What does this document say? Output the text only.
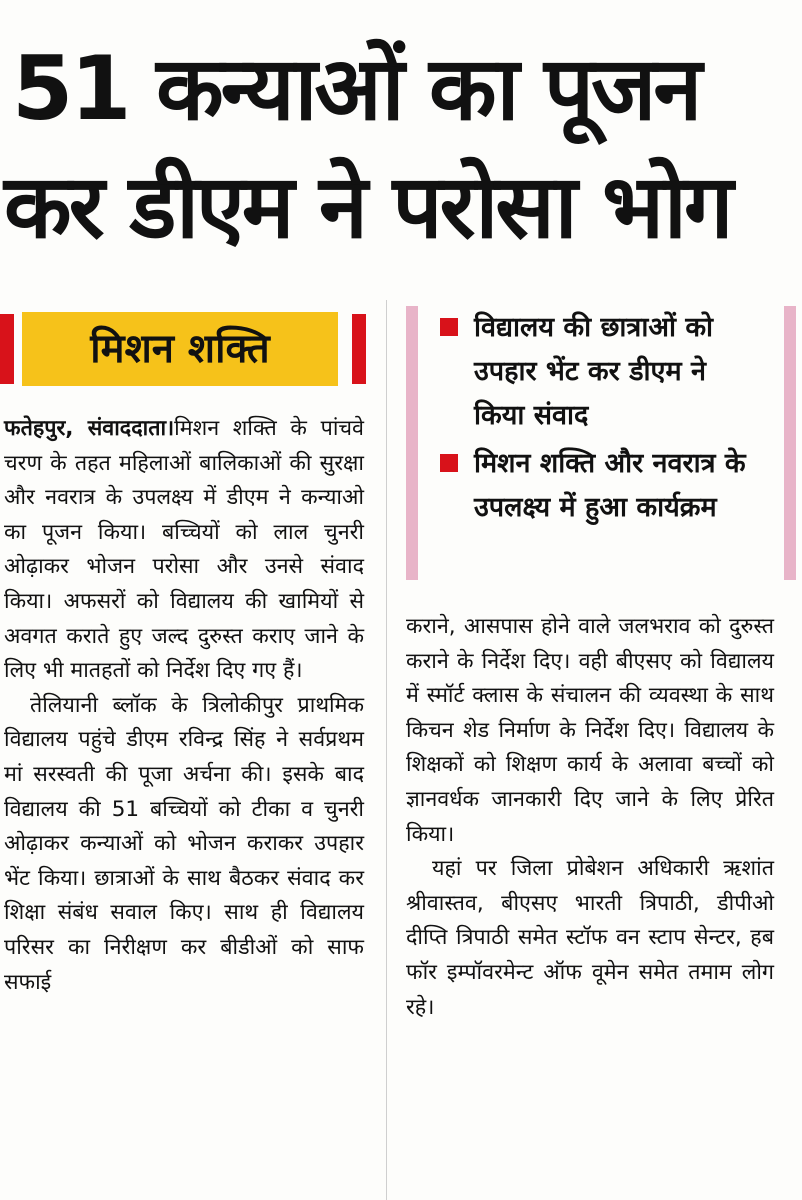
51 कन्याओं का पूजन
कर डीएम ने परोसा भोग
मिशन शक्ति	विद्यालय की छात्राओं को उपहार भेंट कर डीएम ने किया संवाद
मिशन शक्ति और नवरात्र के उपलक्ष्य में हुआ कार्यक्रम

फतेहपुर, संवाददाता।मिशन शक्ति के पांचवे चरण के तहत महिलाओं बालिकाओं की सुरक्षा और नवरात्र के उपलक्ष्य में डीएम ने कन्याओ का पूजन किया। बच्चियों को लाल चुनरी ओढ़ाकर भोजन परोसा और उनसे संवाद किया। अफसरों को विद्यालय की खामियों से अवगत कराते हुए जल्द दुरुस्त कराए जाने के लिए भी मातहतों को निर्देश दिए गए हैं।

तेलियानी ब्लॉक के त्रिलोकीपुर प्राथमिक विद्यालय पहुंचे डीएम रविन्द्र सिंह ने सर्वप्रथम मां सरस्वती की पूजा अर्चना की। इसके बाद विद्यालय की 51 बच्चियों को टीका व चुनरी ओढ़ाकर कन्याओं को भोजन कराकर उपहार भेंट किया। छात्राओं के साथ बैठकर संवाद कर शिक्षा संबंध सवाल किए। साथ ही विद्यालय परिसर का निरीक्षण कर बीडीओं को साफ सफाई

कराने, आसपास होने वाले जलभराव को दुरुस्त कराने के निर्देश दिए। वही बीएसए को विद्यालय में स्मॉर्ट क्लास के संचालन की व्यवस्था के साथ किचन शेड निर्माण के निर्देश दिए। विद्यालय के शिक्षकों को शिक्षण कार्य के अलावा बच्चों को ज्ञानवर्धक जानकारी दिए जाने के लिए प्रेरित किया।

यहां पर जिला प्रोबेशन अधिकारी ऋशांत श्रीवास्तव, बीएसए भारती त्रिपाठी, डीपीओ दीप्ति त्रिपाठी समेत स्टॉफ वन स्टाप सेन्टर, हब फॉर इम्पॉवरमेन्ट ऑफ वूमेन समेत तमाम लोग रहे।
